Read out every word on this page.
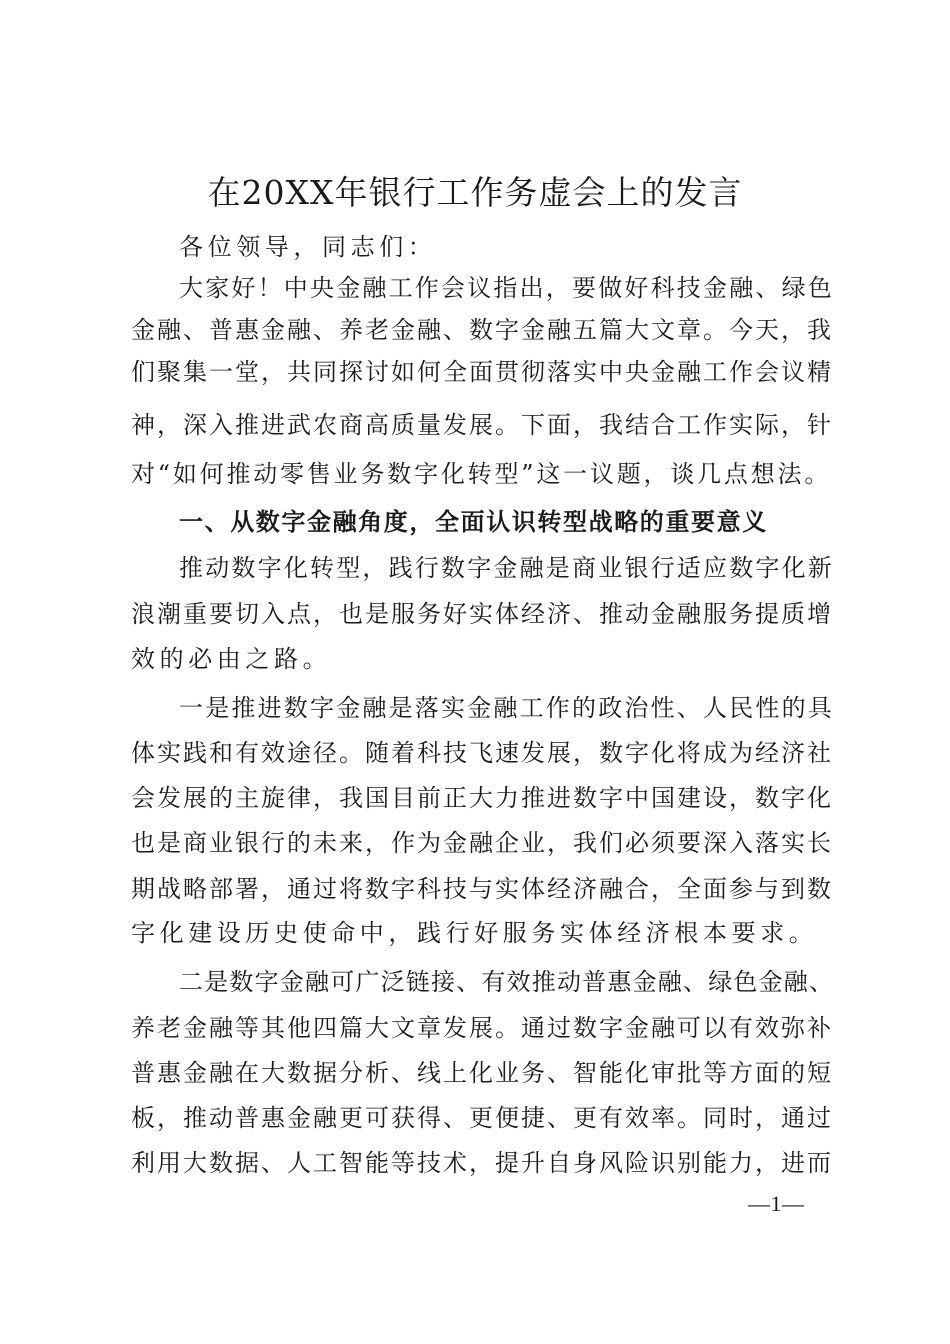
在20XX年银行工作务虚会上的发言
各位领导，同志们：
大家好！中央金融工作会议指出，要做好科技金融、绿色
金融、普惠金融、养老金融、数字金融五篇大文章。今天，我
们聚集一堂，共同探讨如何全面贯彻落实中央金融工作会议精
神，深入推进武农商高质量发展。下面，我结合工作实际，针
对“如何推动零售业务数字化转型”这一议题，谈几点想法。
一、从数字金融角度，全面认识转型战略的重要意义
推动数字化转型，践行数字金融是商业银行适应数字化新
浪潮重要切入点，也是服务好实体经济、推动金融服务提质增
效的必由之路。
一是推进数字金融是落实金融工作的政治性、人民性的具
体实践和有效途径。随着科技飞速发展，数字化将成为经济社
会发展的主旋律，我国目前正大力推进数字中国建设，数字化
也是商业银行的未来，作为金融企业，我们必须要深入落实长
期战略部署，通过将数字科技与实体经济融合，全面参与到数
字化建设历史使命中，践行好服务实体经济根本要求。
二是数字金融可广泛链接、有效推动普惠金融、绿色金融、
养老金融等其他四篇大文章发展。通过数字金融可以有效弥补
普惠金融在大数据分析、线上化业务、智能化审批等方面的短
板，推动普惠金融更可获得、更便捷、更有效率。同时，通过
利用大数据、人工智能等技术，提升自身风险识别能力，进而
—1—
